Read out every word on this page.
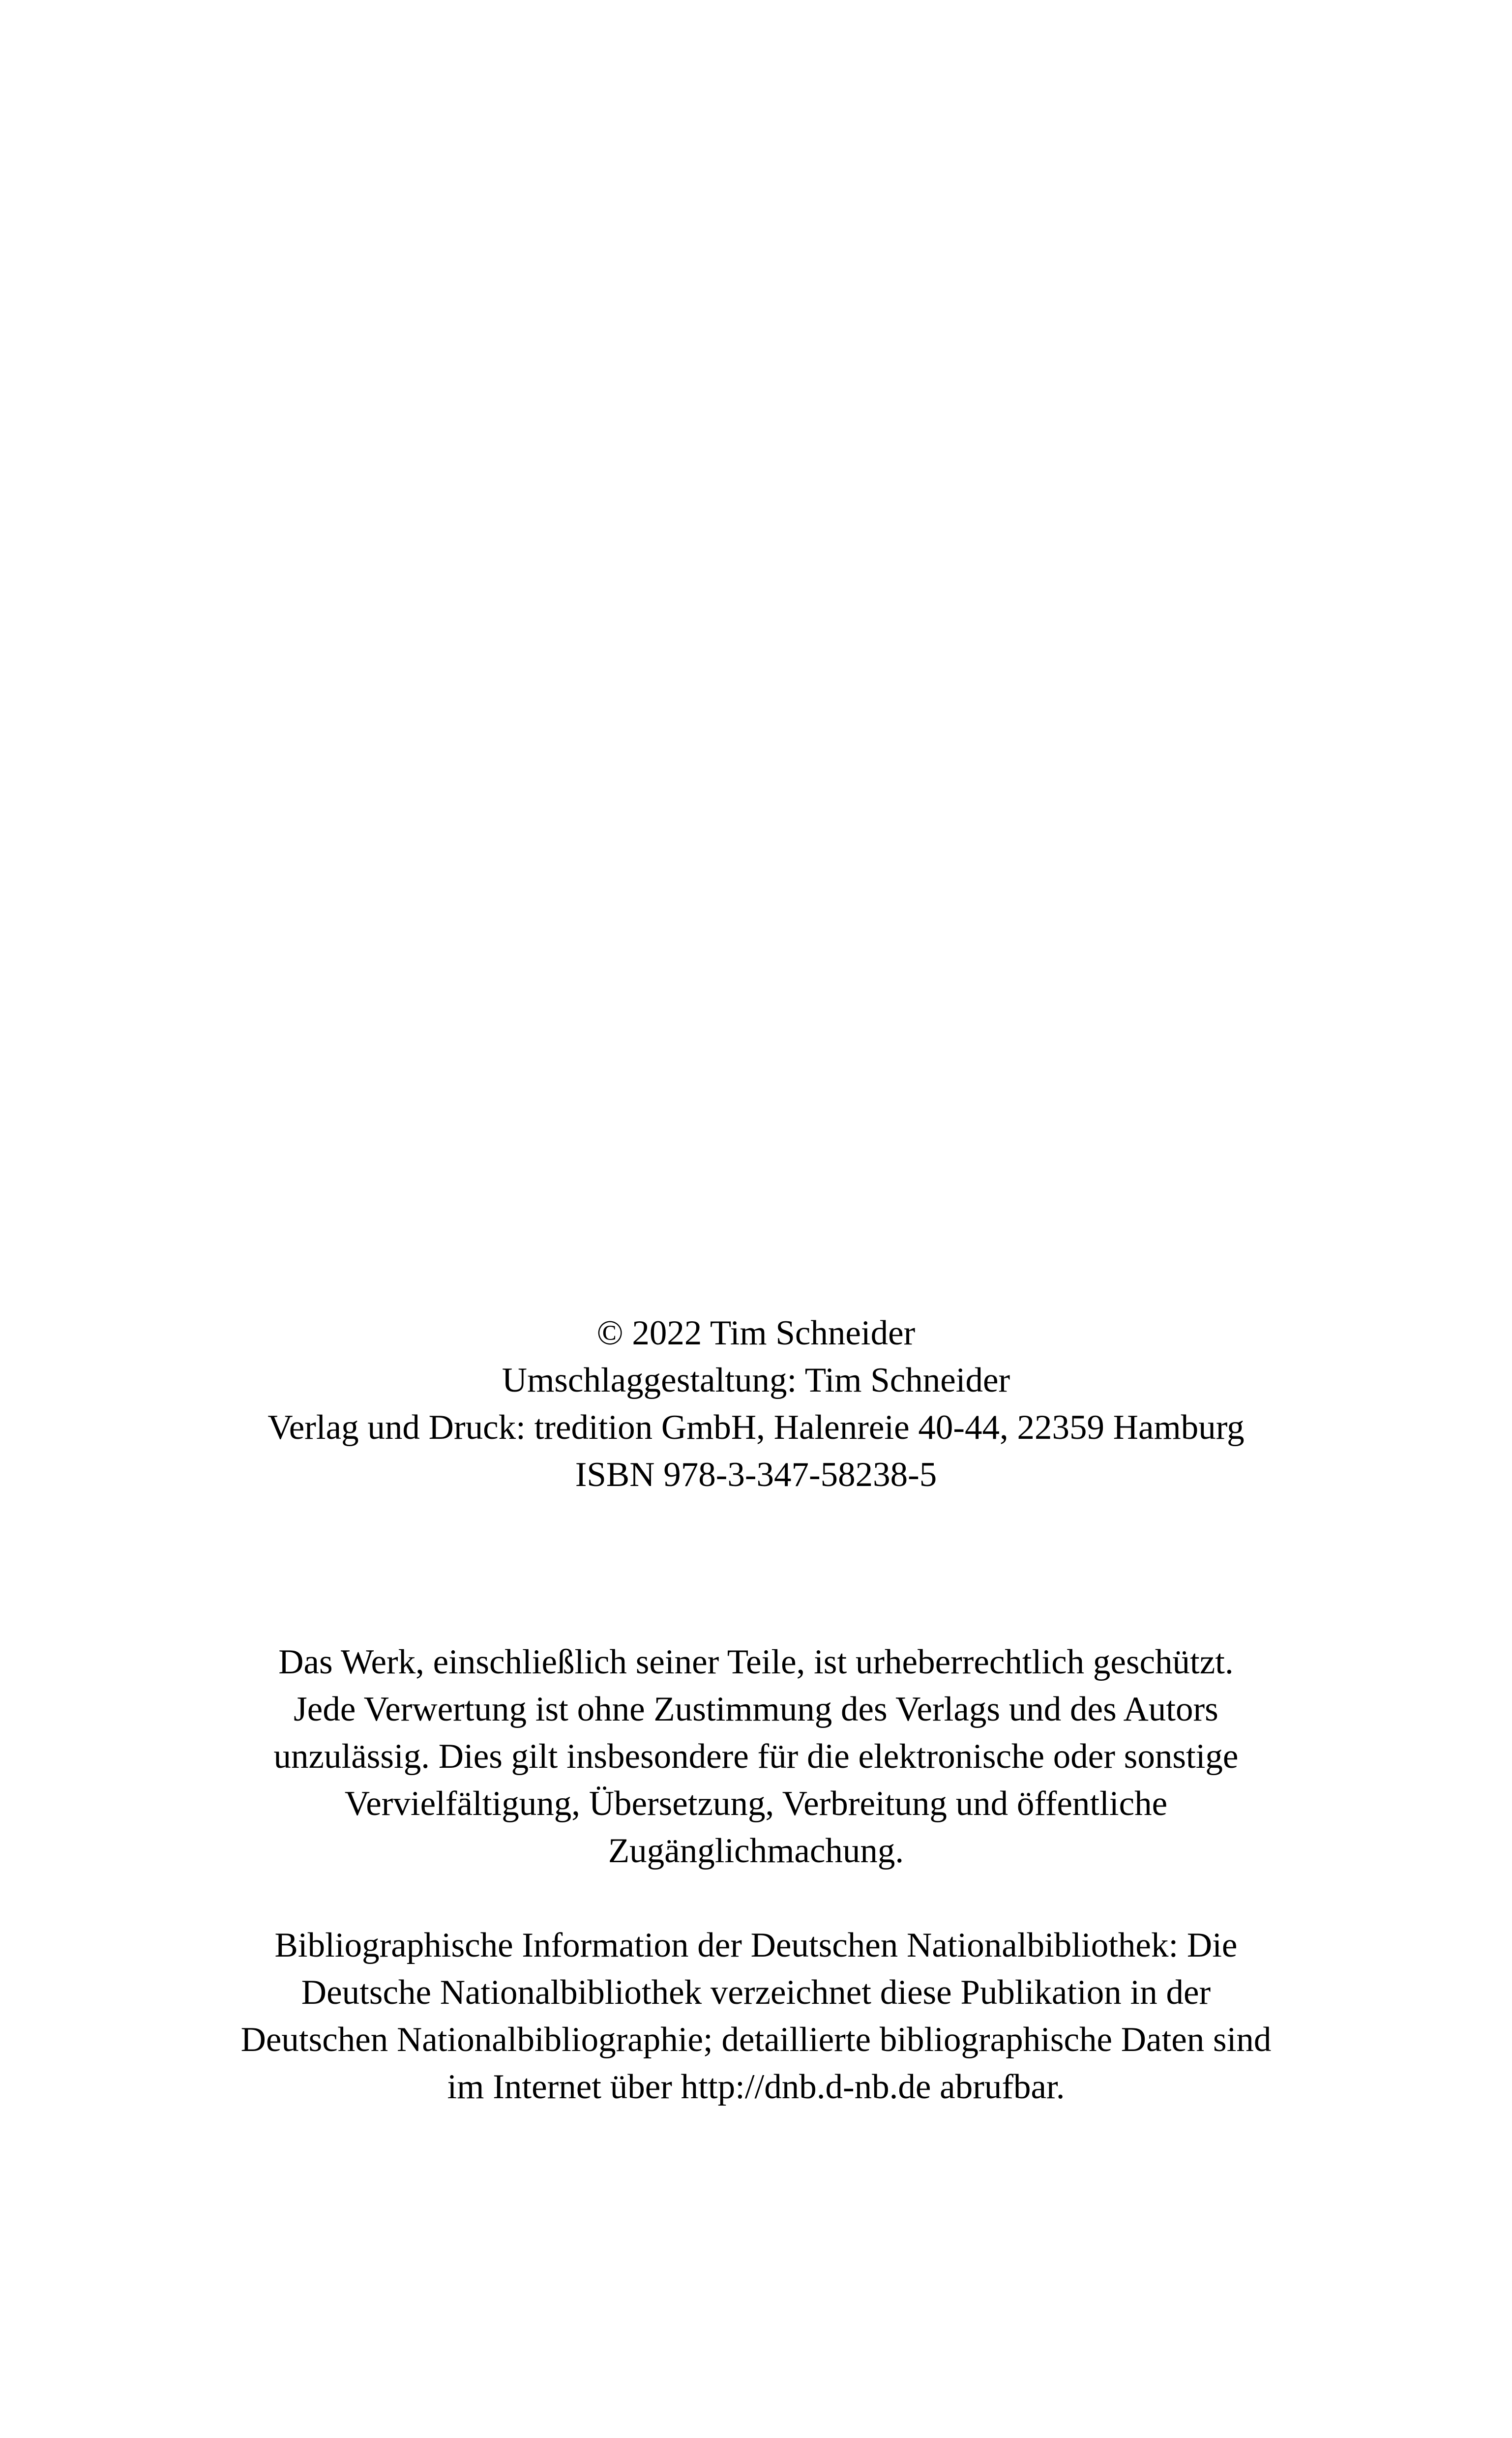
© 2022 Tim Schneider

Umschlaggestaltung: Tim Schneider

Verlag und Druck: tredition GmbH, Halenreie 40-44, 22359 Hamburg

ISBN 978-3-347-58238-5

Das Werk, einschließlich seiner Teile, ist urheberrechtlich geschützt.

Jede Verwertung ist ohne Zustimmung des Verlags und des Autors

unzulässig. Dies gilt insbesondere für die elektronische oder sonstige

Vervielfältigung, Übersetzung, Verbreitung und öffentliche

Zugänglichmachung.

Bibliographische Information der Deutschen Nationalbibliothek: Die

Deutsche Nationalbibliothek verzeichnet diese Publikation in der

Deutschen Nationalbibliographie; detaillierte bibliographische Daten sind

im Internet über http://dnb.d-nb.de abrufbar.
